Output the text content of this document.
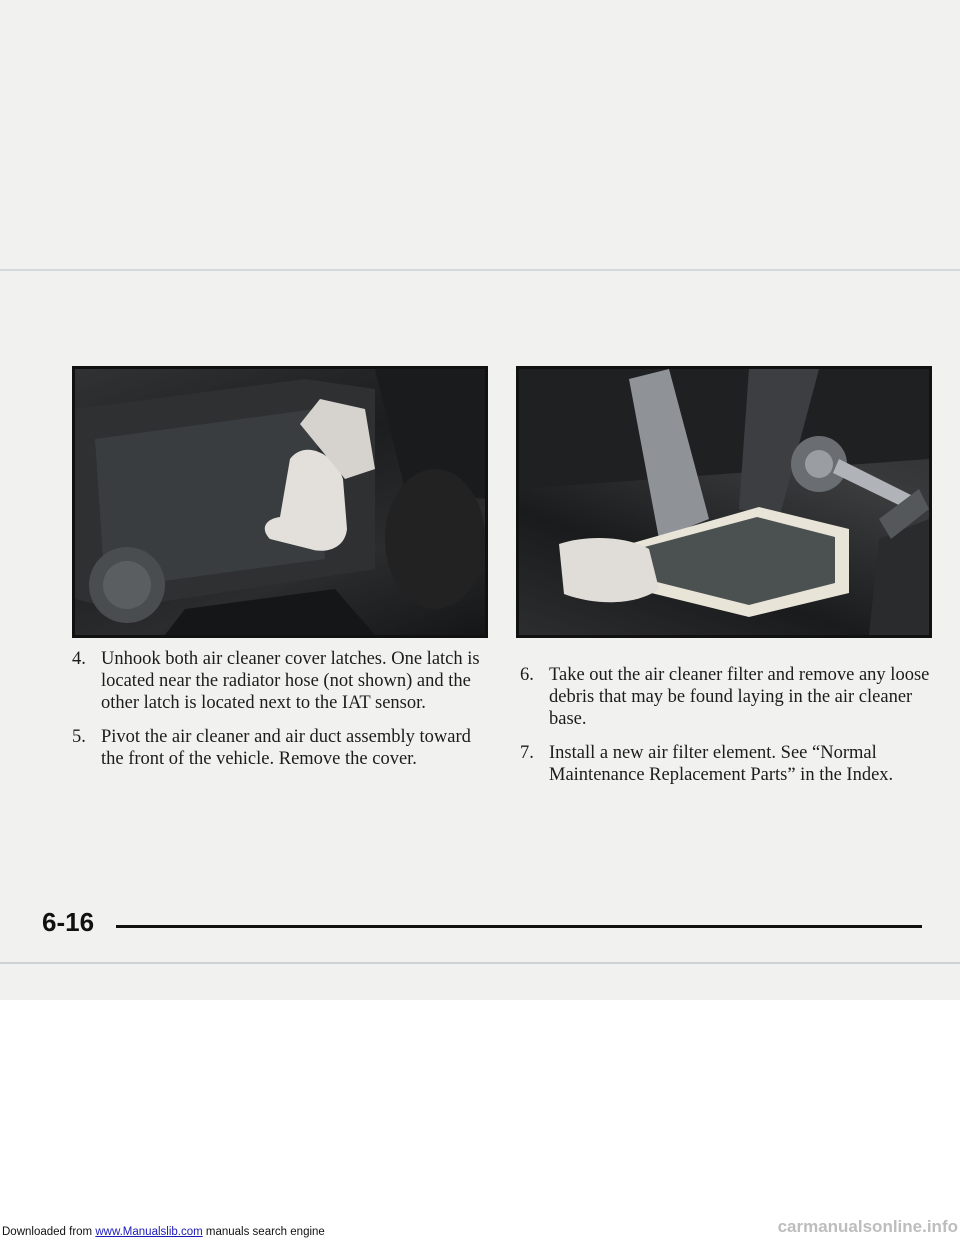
4. Unhook both air cleaner cover latches. One latch is located near the radiator hose (not shown) and the other latch is located next to the IAT sensor.
5. Pivot the air cleaner and air duct assembly toward the front of the vehicle. Remove the cover.
6. Take out the air cleaner filter and remove any loose debris that may be found laying in the air cleaner base.
7. Install a new air filter element. See “Normal Maintenance Replacement Parts” in the Index.
6-16
Downloaded from www.Manualslib.com manuals search engine	carmanualsonline.info
